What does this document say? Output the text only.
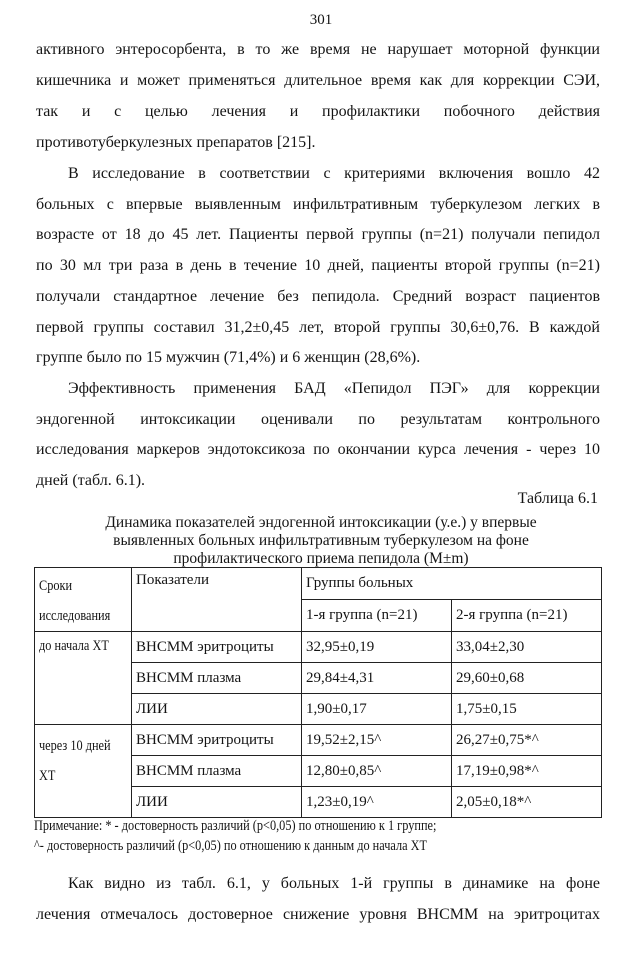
301
активного энтеросорбента, в то же время не нарушает моторной функции
кишечника и может применяться длительное время как для коррекции СЭИ,
так и с целью лечения и профилактики побочного действия
противотуберкулезных препаратов [215].
В исследование в соответствии с критериями включения вошло 42
больных с впервые выявленным инфильтративным туберкулезом легких в
возрасте от 18 до 45 лет. Пациенты первой группы (n=21) получали пепидол
по 30 мл три раза в день в течение 10 дней, пациенты второй группы (n=21)
получали стандартное лечение без пепидола. Средний возраст пациентов
первой группы составил 31,2±0,45 лет, второй группы 30,6±0,76. В каждой
группе было по 15 мужчин (71,4%) и 6 женщин (28,6%).
Эффективность применения БАД «Пепидол ПЭГ» для коррекции
эндогенной интоксикации оценивали по результатам контрольного
исследования маркеров эндотоксикоза по окончании курса лечения - через 10
дней (табл. 6.1).
Таблица 6.1
Динамика показателей эндогенной интоксикации (у.е.) у впервые
выявленных больных инфильтративным туберкулезом на фоне
профилактического приема пепидола (M±m)
Сроки
исследования	Показатели	Группы больных	
		1-я группа (n=21)	2-я группа (n=21)
до начала ХТ	ВНСММ эритроциты	32,95±0,19	33,04±2,30
	ВНСММ плазма	29,84±4,31	29,60±0,68
	ЛИИ	1,90±0,17	1,75±0,15
через 10 дней
ХТ	ВНСММ эритроциты	19,52±2,15^	26,27±0,75*^
	ВНСММ плазма	12,80±0,85^	17,19±0,98*^
	ЛИИ	1,23±0,19^	2,05±0,18*^
Примечание: * - достоверность различий (p<0,05) по отношению к 1 группе;
^- достоверность различий (p<0,05) по отношению к данным до начала ХТ
Как видно из табл. 6.1, у больных 1-й группы в динамике на фоне
лечения отмечалось достоверное снижение уровня ВНСММ на эритроцитах
